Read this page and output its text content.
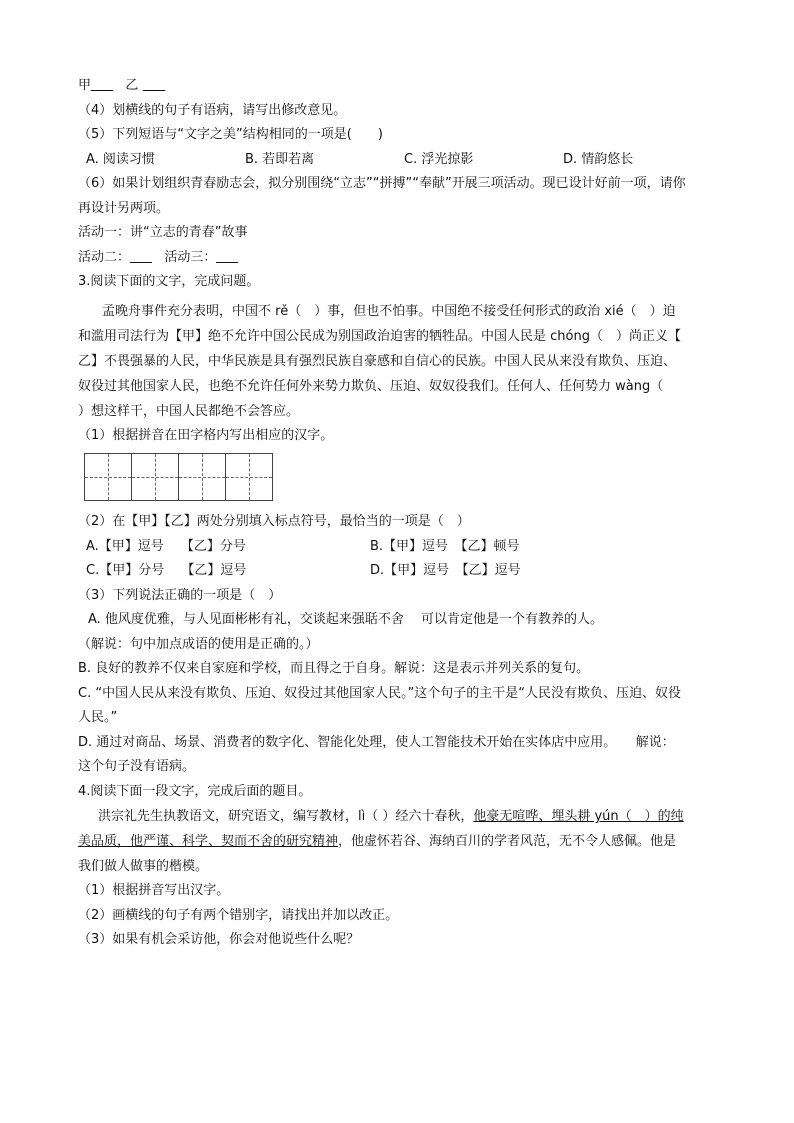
甲	乙
（4）划横线的句子有语病，请写出修改意见。
（5）下列短语与“文字之美”结构相同的一项是(　　)
A. 阅读习惯	B. 若即若离	C. 浮光掠影	D. 情韵悠长
（6）如果计划组织青春励志会，拟分别围绕“立志”“拼搏”“奉献”开展三项活动。现已设计好前一项，请你
再设计另两项。
活动一：讲“立志的青春”故事
活动二：	活动三：
3.阅读下面的文字，完成问题。
孟晚舟事件充分表明，中国不 rě（　）事，但也不怕事。中国绝不接受任何形式的政治 xié（　）迫
和滥用司法行为【甲】绝不允许中国公民成为别国政治迫害的牺牲品。中国人民是 chóng（　）尚正义【
乙】不畏强暴的人民，中华民族是具有强烈民族自豪感和自信心的民族。中国人民从来没有欺负、压迫、
奴役过其他国家人民，也绝不允许任何外来势力欺负、压迫、奴奴役我们。任何人、任何势力 wàng（
）想这样干，中国人民都绝不会答应。
（1）根据拼音在田字格内写出相应的汉字。
（2）在【甲】【乙】两处分别填入标点符号，最恰当的一项是（　）
A.【甲】逗号　 【乙】分号	B.【甲】逗号　【乙】顿号
C.【甲】分号　 【乙】逗号	D.【甲】逗号　【乙】逗号
（3）下列说法正确的一项是（　）
A. 他风度优雅，与人见面彬彬有礼，交谈起来强聒不舍　 可以肯定他是一个有教养的人。
（解说：句中加点成语的使用是正确的。）
B. 良好的教养不仅来自家庭和学校，而且得之于自身。解说：这是表示并列关系的复句。
C. “中国人民从来没有欺负、压迫、奴役过其他国家人民。”这个句子的主干是“人民没有欺负、压迫、奴役
人民。”
D. 通过对商品、场景、消费者的数字化、智能化处理，使人工智能技术开始在实体店中应用。　　解说：
这个句子没有语病。
4.阅读下面一段文字，完成后面的题目。
洪宗礼先生执教语文，研究语文，编写教材，lì（ ）经六十春秋，他豪无喧哗、埋头耕 yún（　）的纯
美品质，他严谨、科学、契而不舍的研究精神，他虚怀若谷、海纳百川的学者风范，无不令人感佩。他是
我们做人做事的楷模。
（1）根据拼音写出汉字。
（2）画横线的句子有两个错别字，请找出并加以改正。
（3）如果有机会采访他，你会对他说些什么呢？
